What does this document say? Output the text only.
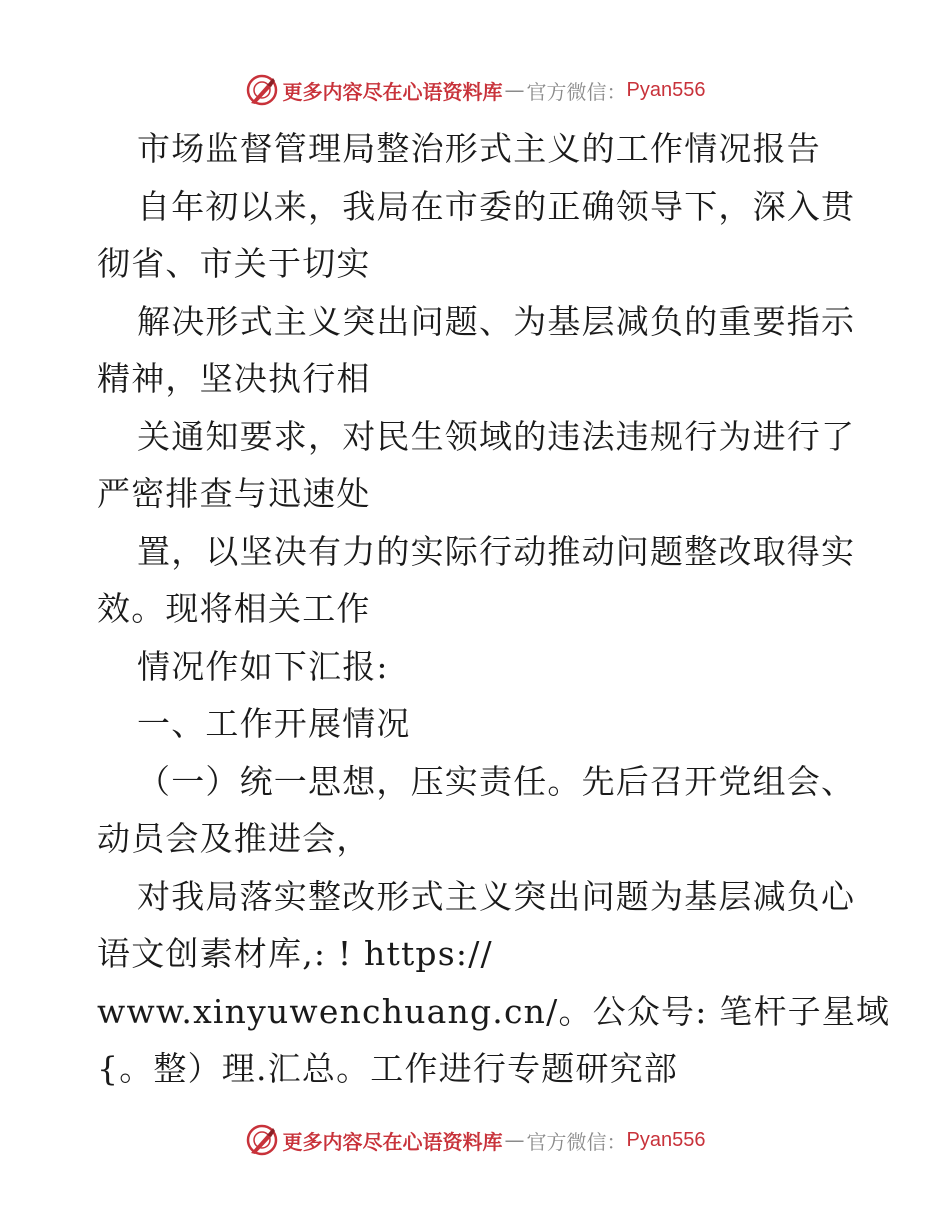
更多内容尽在心语资料库 — 官方微信： Pyan556
市场监督管理局整治形式主义的工作情况报告
自年初以来，我局在市委的正确领导下，深入贯
彻省、市关于切实
解决形式主义突出问题、为基层减负的重要指示
精神，坚决执行相
关通知要求，对民生领域的违法违规行为进行了
严密排查与迅速处
置，以坚决有力的实际行动推动问题整改取得实
效。现将相关工作
情况作如下汇报:
一、工作开展情况
（一）统一思想，压实责任。先后召开党组会、
动员会及推进会，
对我局落实整改形式主义突出问题为基层减负心
语文创素材库,: ! https://
www.xinyuwenchuang.cn/。公众号: 笔杆子星域
{。整）理.汇总。工作进行专题研究部
更多内容尽在心语资料库 — 官方微信： Pyan556
